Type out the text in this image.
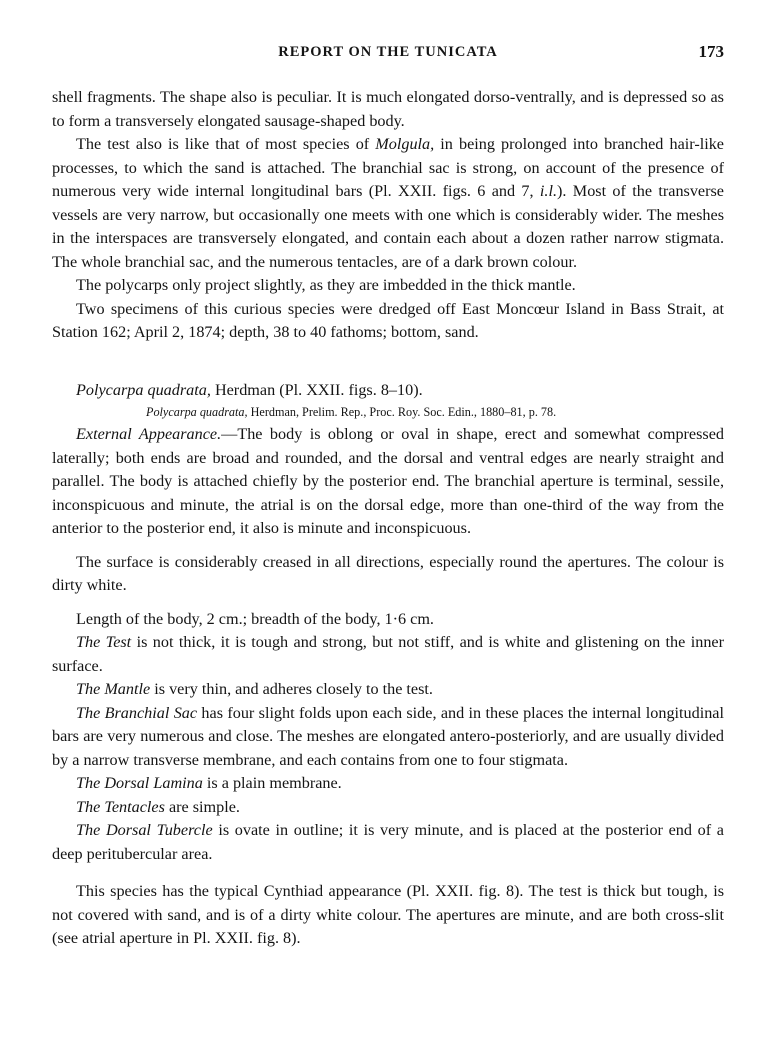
REPORT ON THE TUNICATA	173

shell fragments. The shape also is peculiar. It is much elongated dorso-ventrally, and is depressed so as to form a transversely elongated sausage-shaped body.

The test also is like that of most species of Molgula, in being prolonged into branched hair-like processes, to which the sand is attached. The branchial sac is strong, on account of the presence of numerous very wide internal longitudinal bars (Pl. XXII. figs. 6 and 7, i.l.). Most of the transverse vessels are very narrow, but occasionally one meets with one which is considerably wider. The meshes in the interspaces are transversely elongated, and contain each about a dozen rather narrow stigmata. The whole branchial sac, and the numerous tentacles, are of a dark brown colour.

The polycarps only project slightly, as they are imbedded in the thick mantle.

Two specimens of this curious species were dredged off East Moncœur Island in Bass Strait, at Station 162; April 2, 1874; depth, 38 to 40 fathoms; bottom, sand.

Polycarpa quadrata, Herdman (Pl. XXII. figs. 8–10).

Polycarpa quadrata, Herdman, Prelim. Rep., Proc. Roy. Soc. Edin., 1880–81, p. 78.

External Appearance.—The body is oblong or oval in shape, erect and somewhat compressed laterally; both ends are broad and rounded, and the dorsal and ventral edges are nearly straight and parallel. The body is attached chiefly by the posterior end. The branchial aperture is terminal, sessile, inconspicuous and minute, the atrial is on the dorsal edge, more than one-third of the way from the anterior to the posterior end, it also is minute and inconspicuous.

The surface is considerably creased in all directions, especially round the apertures. The colour is dirty white.

Length of the body, 2 cm.; breadth of the body, 1·6 cm.

The Test is not thick, it is tough and strong, but not stiff, and is white and glistening on the inner surface.

The Mantle is very thin, and adheres closely to the test.

The Branchial Sac has four slight folds upon each side, and in these places the internal longitudinal bars are very numerous and close. The meshes are elongated antero-posteriorly, and are usually divided by a narrow transverse membrane, and each contains from one to four stigmata.

The Dorsal Lamina is a plain membrane.

The Tentacles are simple.

The Dorsal Tubercle is ovate in outline; it is very minute, and is placed at the posterior end of a deep peritubercular area.

This species has the typical Cynthiad appearance (Pl. XXII. fig. 8). The test is thick but tough, is not covered with sand, and is of a dirty white colour. The apertures are minute, and are both cross-slit (see atrial aperture in Pl. XXII. fig. 8).
